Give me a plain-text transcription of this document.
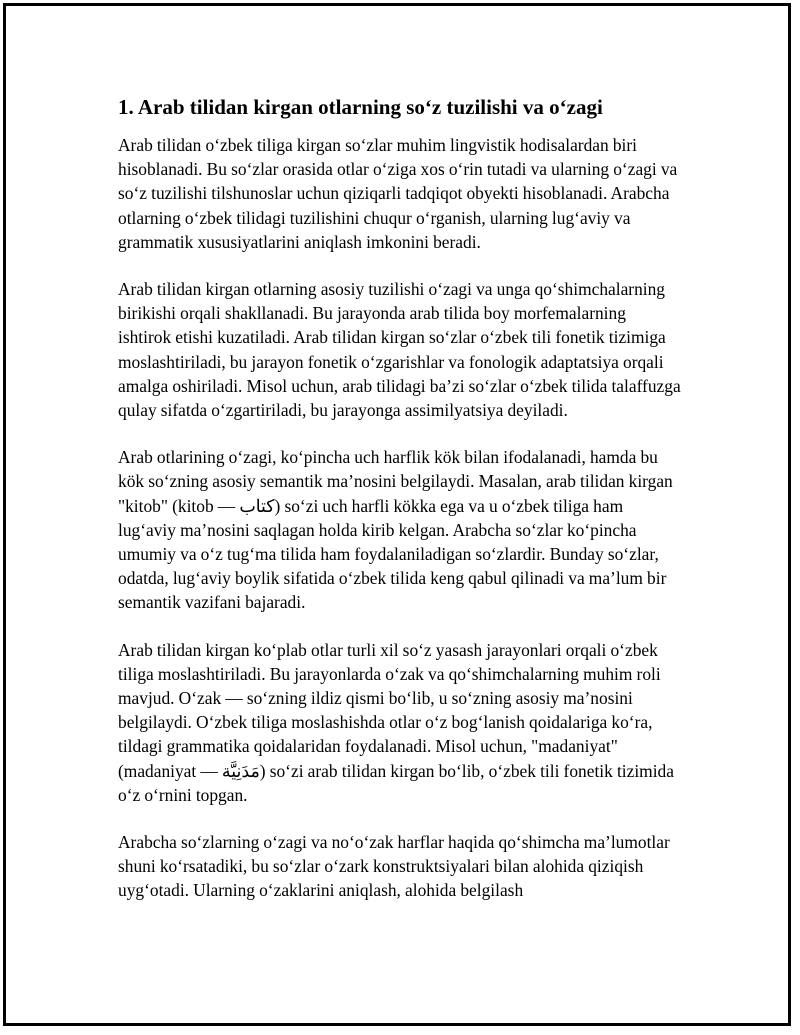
1. Arab tilidan kirgan otlarning so‘z tuzilishi va o‘zagi

Arab tilidan o‘zbek tiliga kirgan so‘zlar muhim lingvistik hodisalardan biri hisoblanadi. Bu so‘zlar orasida otlar o‘ziga xos o‘rin tutadi va ularning o‘zagi va so‘z tuzilishi tilshunoslar uchun qiziqarli tadqiqot obyekti hisoblanadi. Arabcha otlarning o‘zbek tilidagi tuzilishini chuqur o‘rganish, ularning lug‘aviy va grammatik xususiyatlarini aniqlash imkonini beradi.

Arab tilidan kirgan otlarning asosiy tuzilishi o‘zagi va unga qo‘shimchalarning birikishi orqali shakllanadi. Bu jarayonda arab tilida boy morfemalarning ishtirok etishi kuzatiladi. Arab tilidan kirgan so‘zlar o‘zbek tili fonetik tizimiga moslashtiriladi, bu jarayon fonetik o‘zgarishlar va fonologik adaptatsiya orqali amalga oshiriladi. Misol uchun, arab tilidagi ba’zi so‘zlar o‘zbek tilida talaffuzga qulay sifatda o‘zgartiriladi, bu jarayonga assimilyatsiya deyiladi.

Arab otlarining o‘zagi, ko‘pincha uch harflik kök bilan ifodalanadi, hamda bu kök so‘zning asosiy semantik ma’nosini belgilaydi. Masalan, arab tilidan kirgan "kitob" (kitob — كتاب) so‘zi uch harfli kökka ega va u o‘zbek tiliga ham lug‘aviy ma’nosini saqlagan holda kirib kelgan. Arabcha so‘zlar ko‘pincha umumiy va o‘z tug‘ma tilida ham foydalaniladigan so‘zlardir. Bunday so‘zlar, odatda, lug‘aviy boylik sifatida o‘zbek tilida keng qabul qilinadi va ma’lum bir semantik vazifani bajaradi.

Arab tilidan kirgan ko‘plab otlar turli xil so‘z yasash jarayonlari orqali o‘zbek tiliga moslashtiriladi. Bu jarayonlarda o‘zak va qo‘shimchalarning muhim roli mavjud. O‘zak — so‘zning ildiz qismi bo‘lib, u so‘zning asosiy ma’nosini belgilaydi. O‘zbek tiliga moslashishda otlar o‘z bog‘lanish qoidalariga ko‘ra, tildagi grammatika qoidalaridan foydalanadi. Misol uchun, "madaniyat" (madaniyat — مَدَنِيَّة) so‘zi arab tilidan kirgan bo‘lib, o‘zbek tili fonetik tizimida o‘z o‘rnini topgan.

Arabcha so‘zlarning o‘zagi va no‘o‘zak harflar haqida qo‘shimcha ma’lumotlar shuni ko‘rsatadiki, bu so‘zlar o‘zark konstruktsiyalari bilan alohida qiziqish uyg‘otadi. Ularning o‘zaklarini aniqlash, alohida belgilash
